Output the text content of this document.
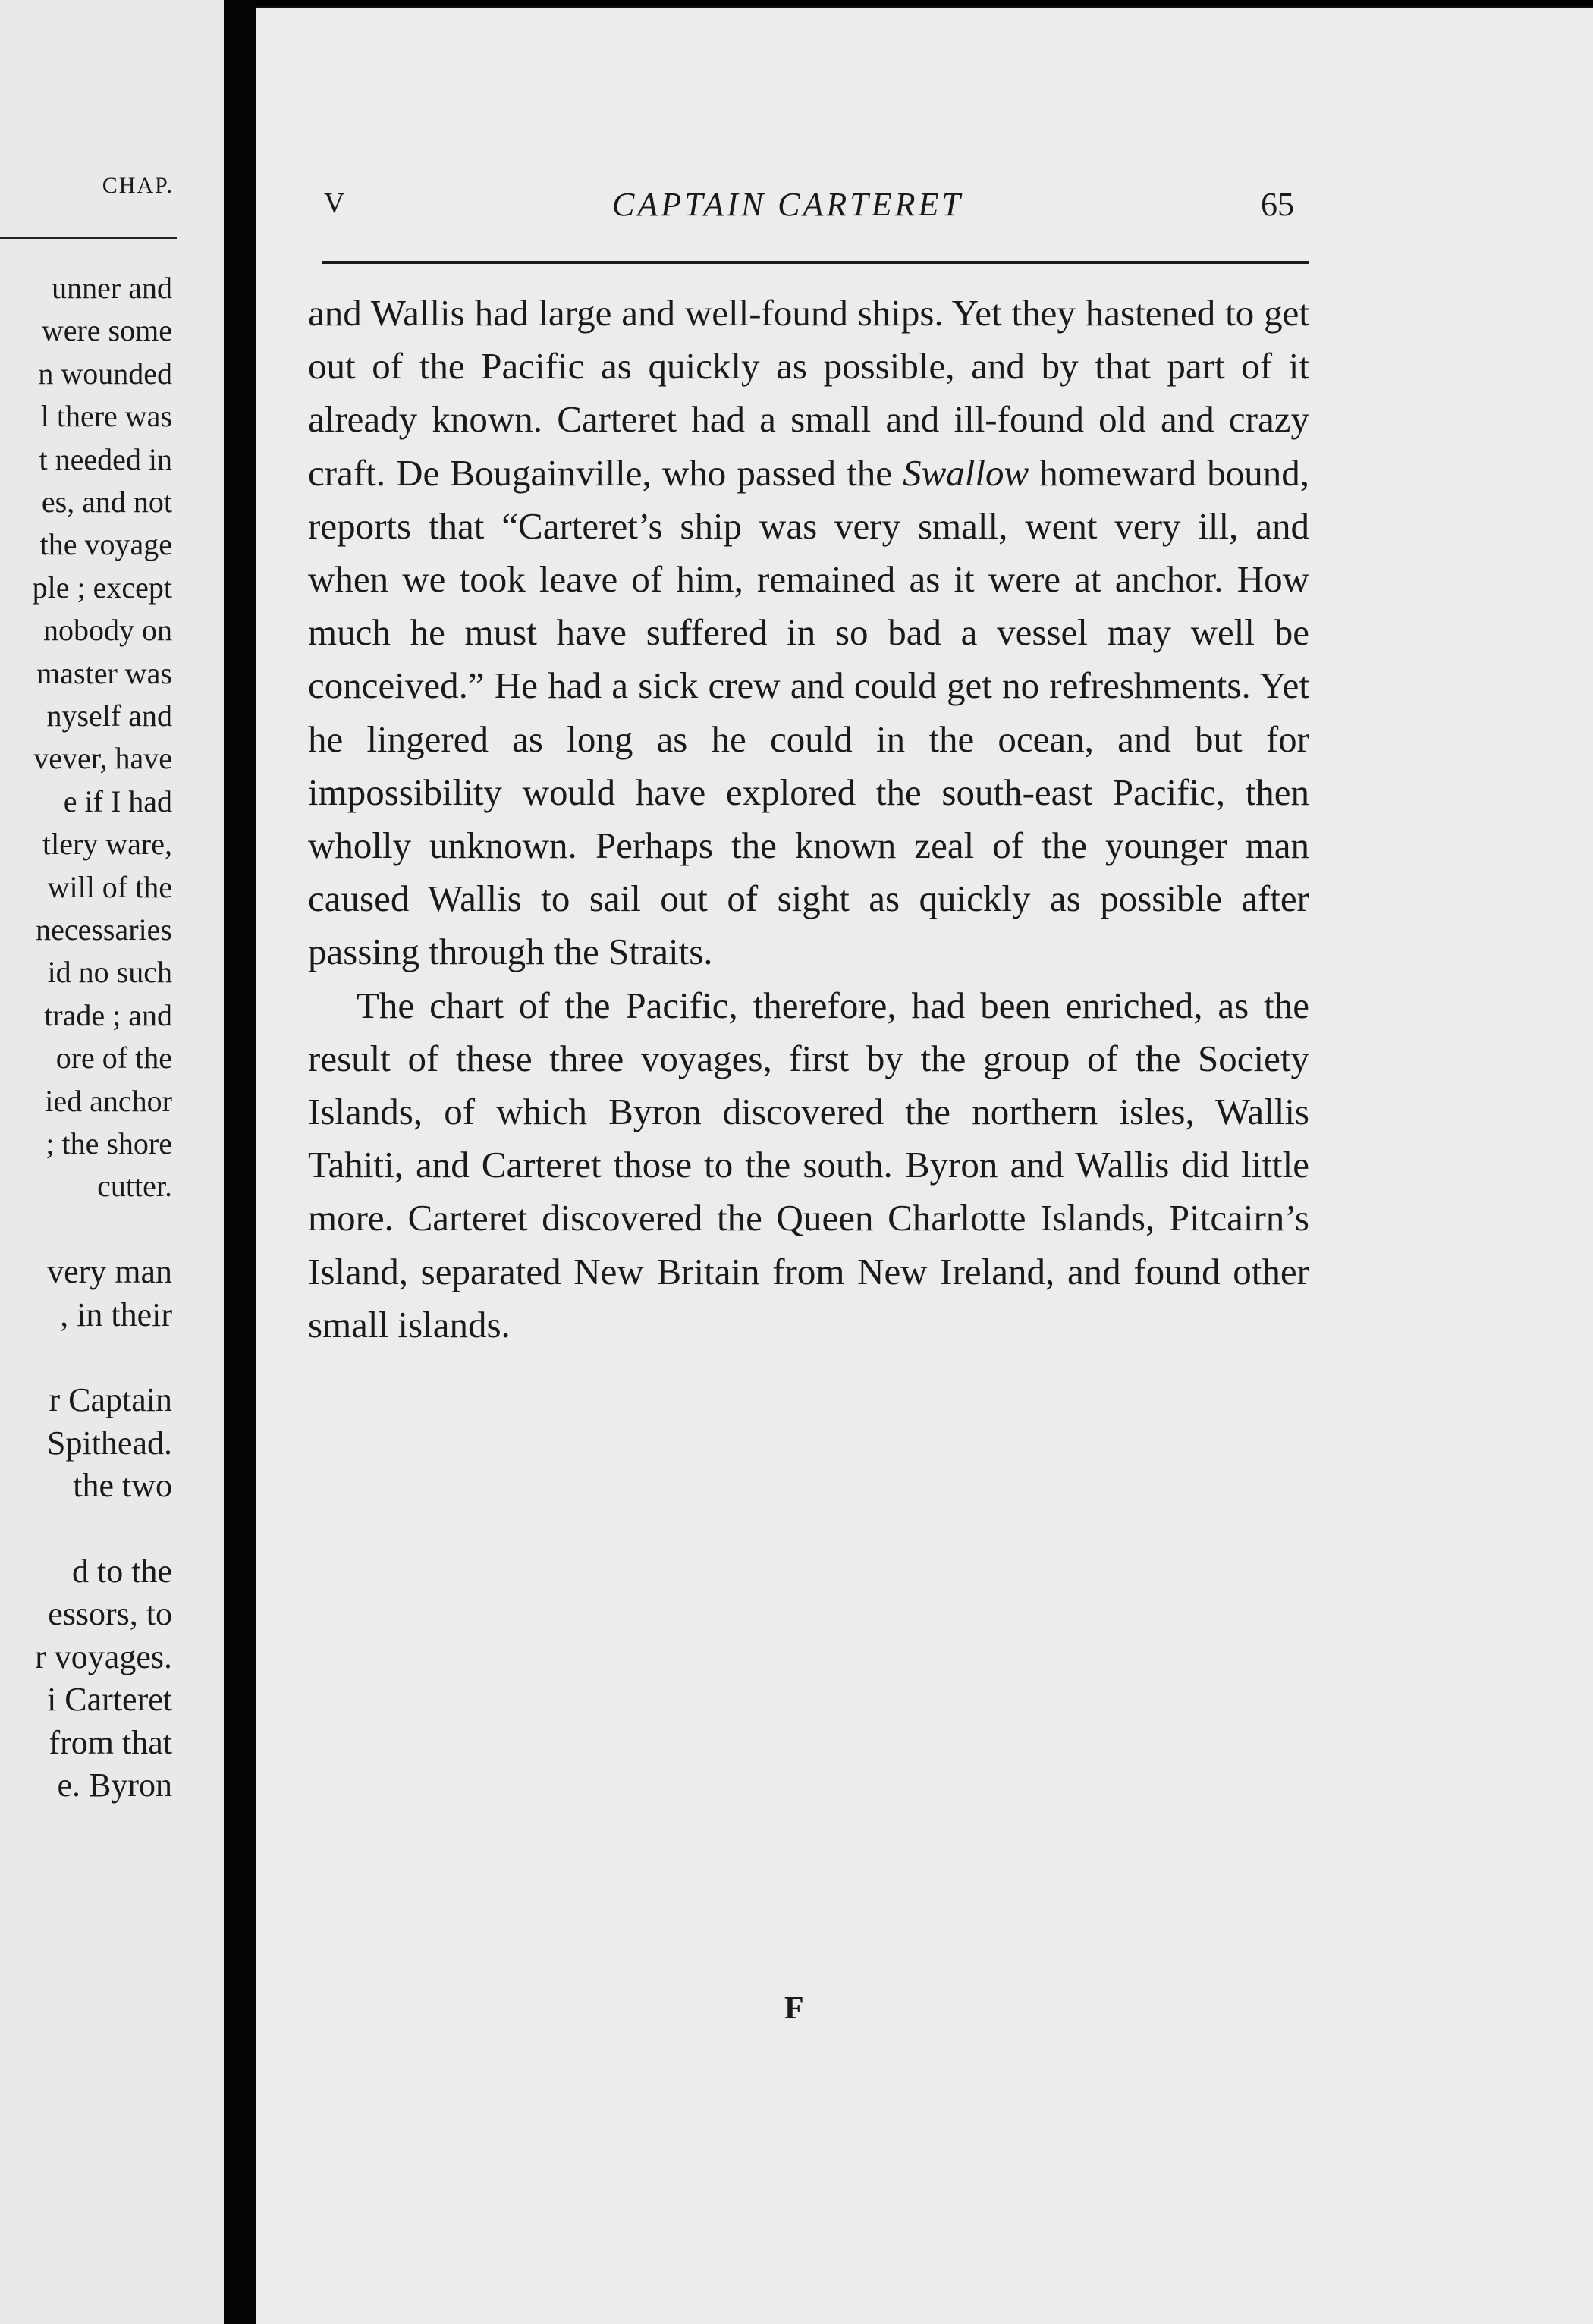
CHAP.
unner and
were some
n wounded
l there was
t needed in
es, and not
the voyage
ple ; except
nobody on
master was
nyself and
vever, have
e if I had
tlery ware,
will of the
necessaries
id no such
trade ; and
ore of the
ied anchor
; the shore
cutter.
very man
, in their
r Captain
Spithead.
the two
d to the
essors, to
r voyages.
i Carteret
from that
e. Byron
V	CAPTAIN CARTERET	65

and Wallis had large and well-found ships. Yet they hastened to get out of the Pacific as quickly as possible, and by that part of it already known. Carteret had a small and ill-found old and crazy craft. De Bougainville, who passed the Swallow homeward bound, reports that “Carteret’s ship was very small, went very ill, and when we took leave of him, remained as it were at anchor. How much he must have suffered in so bad a vessel may well be conceived.” He had a sick crew and could get no refreshments. Yet he lingered as long as he could in the ocean, and but for impossibility would have explored the south-east Pacific, then wholly unknown. Perhaps the known zeal of the younger man caused Wallis to sail out of sight as quickly as possible after passing through the Straits.

The chart of the Pacific, therefore, had been enriched, as the result of these three voyages, first by the group of the Society Islands, of which Byron discovered the northern isles, Wallis Tahiti, and Carteret those to the south. Byron and Wallis did little more. Carteret discovered the Queen Charlotte Islands, Pitcairn’s Island, separated New Britain from New Ireland, and found other small islands.

F
